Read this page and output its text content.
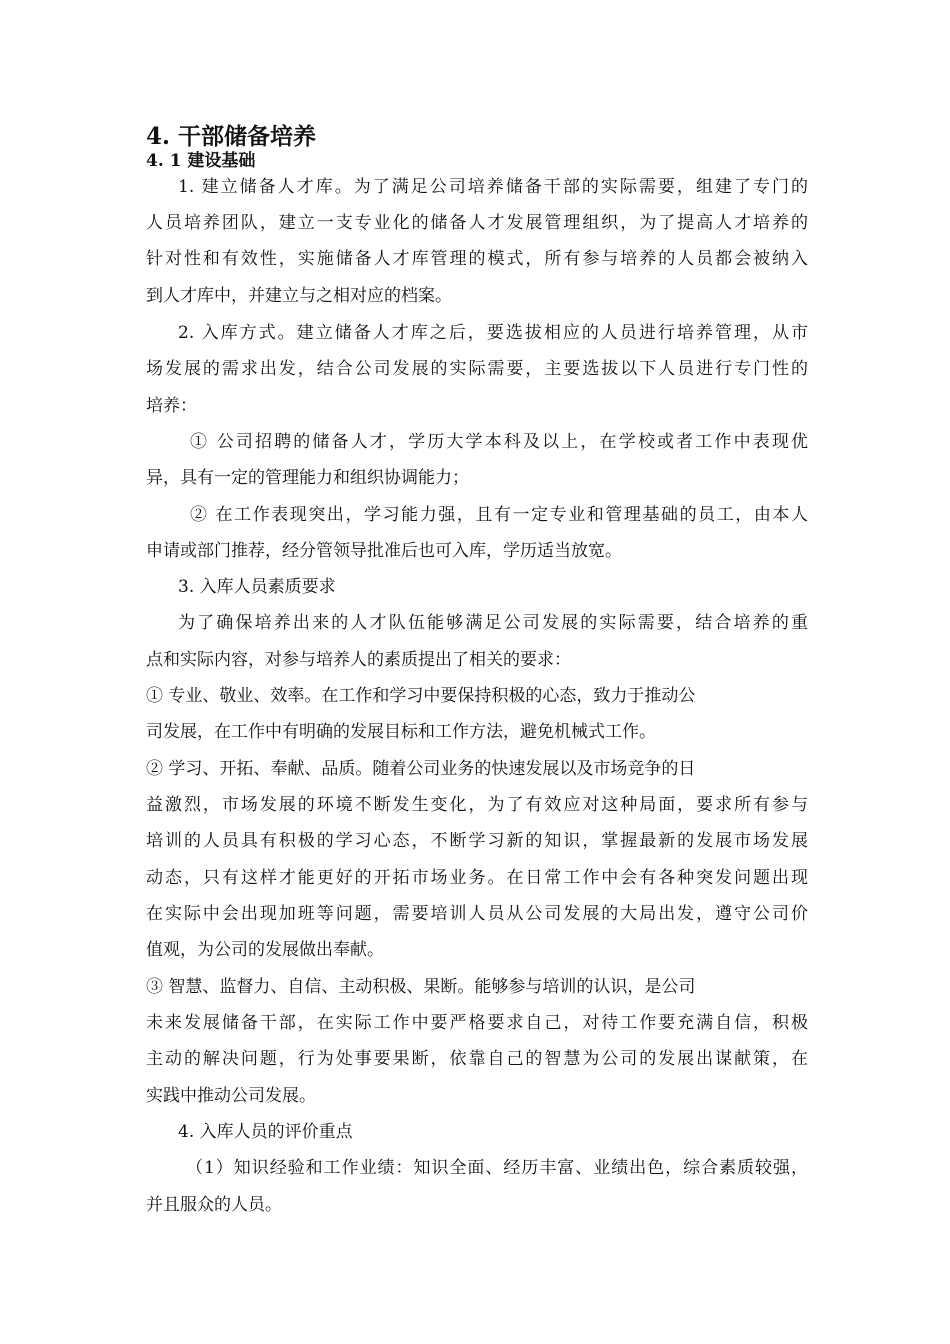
4. 干部储备培养
4. 1 建设基础
1. 建立储备人才库。为了满足公司培养储备干部的实际需要，组建了专门的
人员培养团队，建立一支专业化的储备人才发展管理组织，为了提高人才培养的
针对性和有效性，实施储备人才库管理的模式，所有参与培养的人员都会被纳入
到人才库中，并建立与之相对应的档案。
2. 入库方式。建立储备人才库之后，要选拔相应的人员进行培养管理，从市
场发展的需求出发，结合公司发展的实际需要，主要选拔以下人员进行专门性的
培养：
① 公司招聘的储备人才，学历大学本科及以上，在学校或者工作中表现优
异，具有一定的管理能力和组织协调能力；
② 在工作表现突出，学习能力强，且有一定专业和管理基础的员工，由本人
申请或部门推荐，经分管领导批准后也可入库，学历适当放宽。
3. 入库人员素质要求
为了确保培养出来的人才队伍能够满足公司发展的实际需要，结合培养的重
点和实际内容，对参与培养人的素质提出了相关的要求：
① 专业、敬业、效率。在工作和学习中要保持积极的心态，致力于推动公
司发展，在工作中有明确的发展目标和工作方法，避免机械式工作。
② 学习、开拓、奉献、品质。随着公司业务的快速发展以及市场竞争的日
益激烈，市场发展的环境不断发生变化，为了有效应对这种局面，要求所有参与
培训的人员具有积极的学习心态，不断学习新的知识，掌握最新的发展市场发展
动态，只有这样才能更好的开拓市场业务。在日常工作中会有各种突发问题出现
在实际中会出现加班等问题，需要培训人员从公司发展的大局出发，遵守公司价
值观，为公司的发展做出奉献。
③ 智慧、监督力、自信、主动积极、果断。能够参与培训的认识，是公司
未来发展储备干部，在实际工作中要严格要求自己，对待工作要充满自信，积极
主动的解决问题，行为处事要果断，依靠自己的智慧为公司的发展出谋献策，在
实践中推动公司发展。
4. 入库人员的评价重点
（1）知识经验和工作业绩：知识全面、经历丰富、业绩出色，综合素质较强，
并且服众的人员。
